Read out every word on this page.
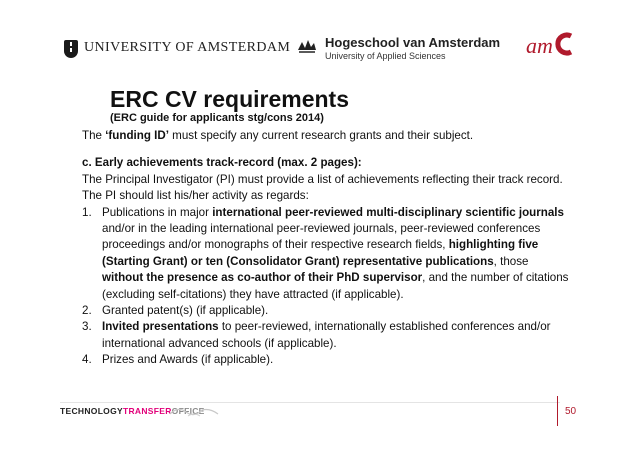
UNIVERSITY OF AMSTERDAM	Hogeschool van Amsterdam
University of Applied Sciences	am
ERC CV requirements
(ERC guide for applicants stg/cons 2014)

The ‘funding ID’ must specify any current research grants and their subject.

c. Early achievements track-record (max. 2 pages):

The Principal Investigator (PI) must provide a list of achievements reflecting their track record.

The PI should list his/her activity as regards:

1. Publications in major international peer-reviewed multi-disciplinary scientific journals and/or in the leading international peer-reviewed journals, peer-reviewed conferences proceedings and/or monographs of their respective research fields, highlighting five (Starting Grant) or ten (Consolidator Grant) representative publications, those without the presence as co-author of their PhD supervisor, and the number of citations (excluding self-citations) they have attracted (if applicable).
2. Granted patent(s) (if applicable).
3. Invited presentations to peer-reviewed, internationally established conferences and/or international advanced schools (if applicable).
4. Prizes and Awards (if applicable).
TECHNOLOGYTRANSFEROFFICE	50
